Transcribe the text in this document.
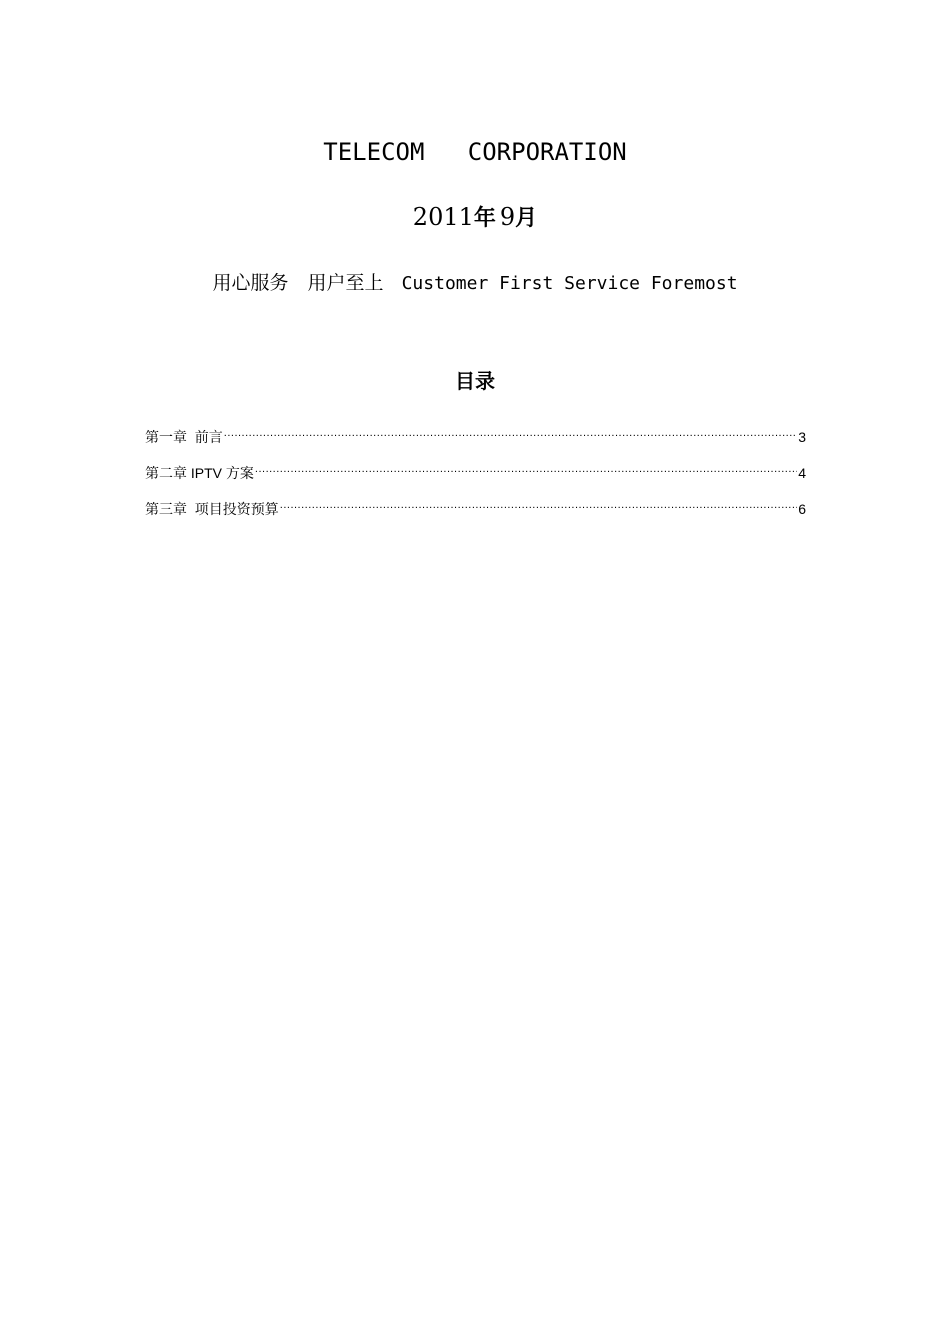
TELECOM   CORPORATION
2011年 9月
用心服务　用户至上 Customer First Service Foremost
目录
第一章  前言 .....	3
第二章 IPTV 方案 .....	4
第三章  项目投资预算 .....	6
